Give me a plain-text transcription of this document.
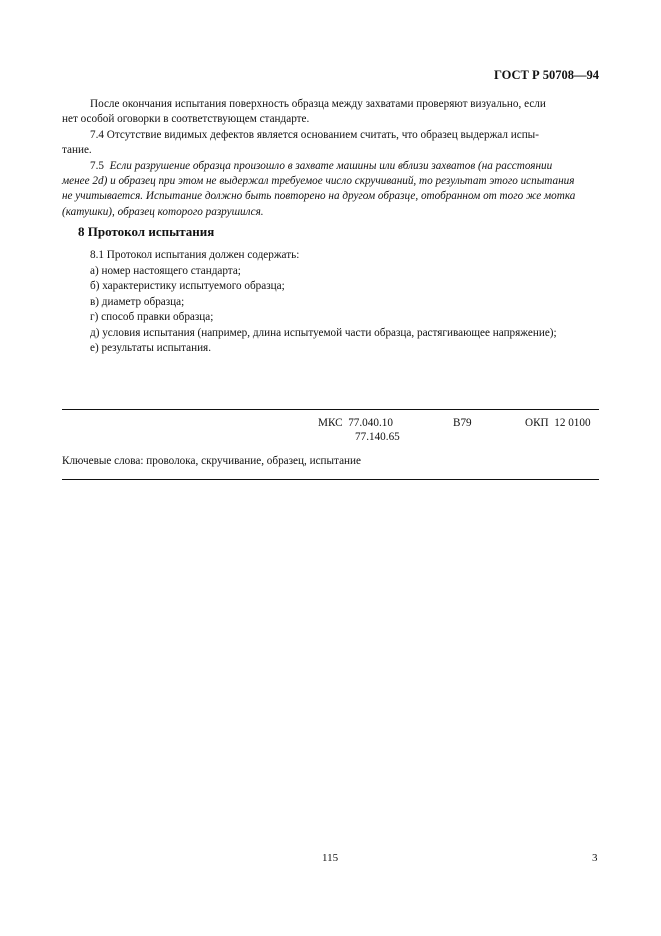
ГОСТ Р 50708—94

После окончания испытания поверхность образца между захватами проверяют визуально, если

нет особой оговорки в соответствующем стандарте.

7.4 Отсутствие видимых дефектов является основанием считать, что образец выдержал испы-

тание.

7.5 Если разрушение образца произошло в захвате машины или вблизи захватов (на расстоянии

менее 2d) и образец при этом не выдержал требуемое число скручиваний, то результат этого испытания

не учитывается. Испытание должно быть повторено на другом образце, отобранном от того же мотка

(катушки), образец которого разрушился.

8 Протокол испытания
8.1 Протокол испытания должен содержать:
а) номер настоящего стандарта;
б) характеристику испытуемого образца;
в) диаметр образца;
г) способ правки образца;
д) условия испытания (например, длина испытуемой части образца, растягивающее напряжение);
е) результаты испытания.
МКС 77.040.10
77.140.65
В79	ОКП 12 0100
Ключевые слова: проволока, скручивание, образец, испытание
115	3
